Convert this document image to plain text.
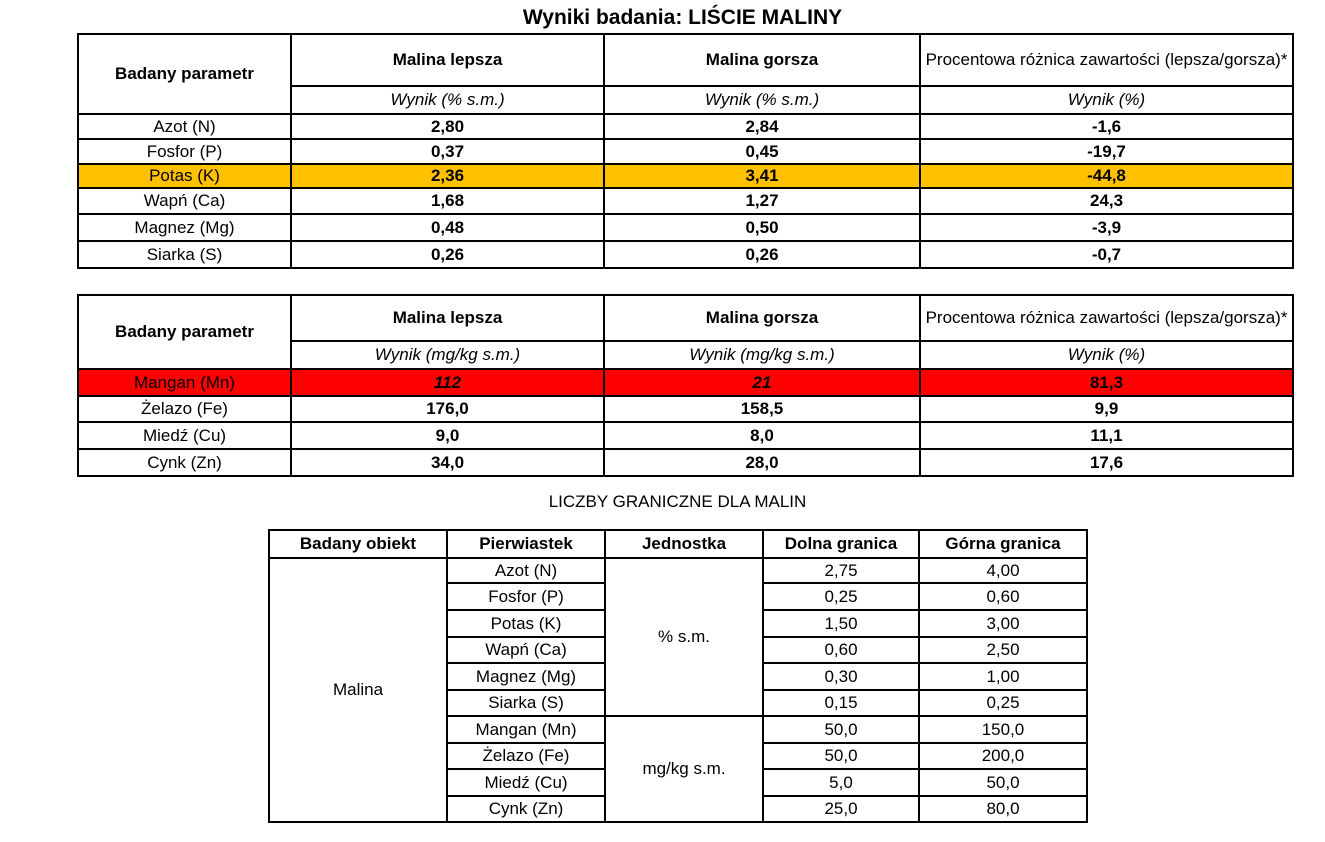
Wyniki badania: LIŚCIE MALINY
Badany parametr	Malina lepsza	Malina gorsza	Procentowa różnica zawartości (lepsza/gorsza)*
	Wynik (% s.m.)	Wynik (% s.m.)	Wynik (%)
Azot (N)	2,80	2,84	-1,6
Fosfor (P)	0,37	0,45	-19,7
Potas (K)	2,36	3,41	-44,8
Wapń (Ca)	1,68	1,27	24,3
Magnez (Mg)	0,48	0,50	-3,9
Siarka (S)	0,26	0,26	-0,7
Badany parametr	Malina lepsza	Malina gorsza	Procentowa różnica zawartości (lepsza/gorsza)*
	Wynik (mg/kg s.m.)	Wynik (mg/kg s.m.)	Wynik (%)
Mangan (Mn)	112	21	81,3
Żelazo (Fe)	176,0	158,5	9,9
Miedź (Cu)	9,0	8,0	11,1
Cynk (Zn)	34,0	28,0	17,6
LICZBY GRANICZNE DLA MALIN
Badany obiekt	Pierwiastek	Jednostka	Dolna granica	Górna granica
Malina	Azot (N)	% s.m.	2,75	4,00
	Fosfor (P)		0,25	0,60
	Potas (K)		1,50	3,00
	Wapń (Ca)		0,60	2,50
	Magnez (Mg)		0,30	1,00
	Siarka (S)		0,15	0,25
	Mangan (Mn)	mg/kg s.m.	50,0	150,0
	Żelazo (Fe)		50,0	200,0
	Miedź (Cu)		5,0	50,0
	Cynk (Zn)		25,0	80,0
